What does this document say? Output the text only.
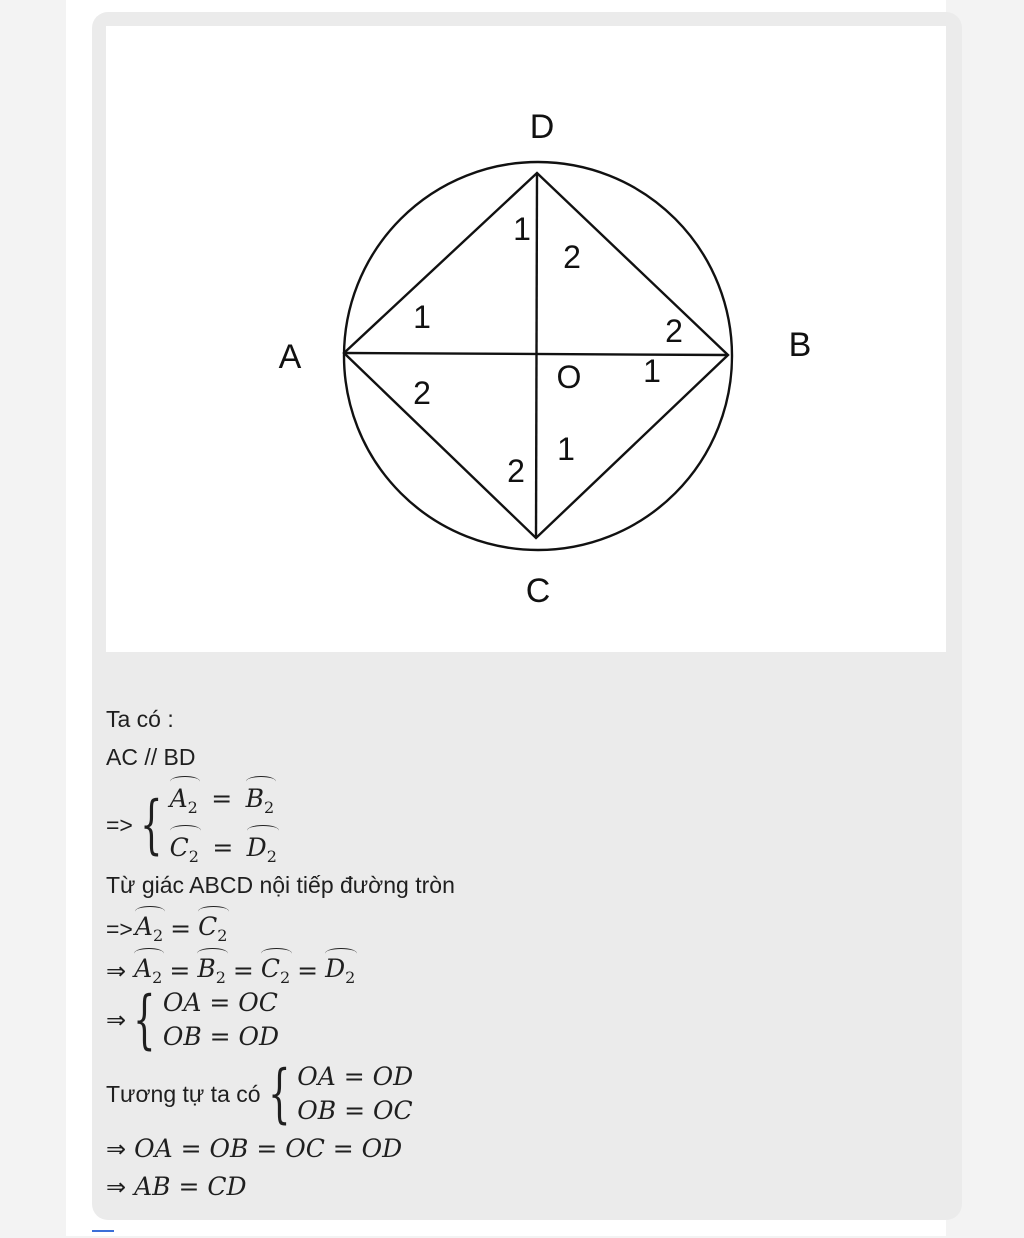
D
A	B
C
O
1
2
1
2
2
1
1
2
Ta có :
AC // BD
=> { $A_2 = B_2$
$C_2 = D_2$
Từ giác ABCD nội tiếp đường tròn
=> $A_2 = C_2$
⇒ $A_2 = B_2 = C_2 = D_2$
⇒ { OA = OC
OB = OD
Tương tự ta có { OA = OD
OB = OC
⇒ OA = OB = OC = OD
⇒ AB = CD
